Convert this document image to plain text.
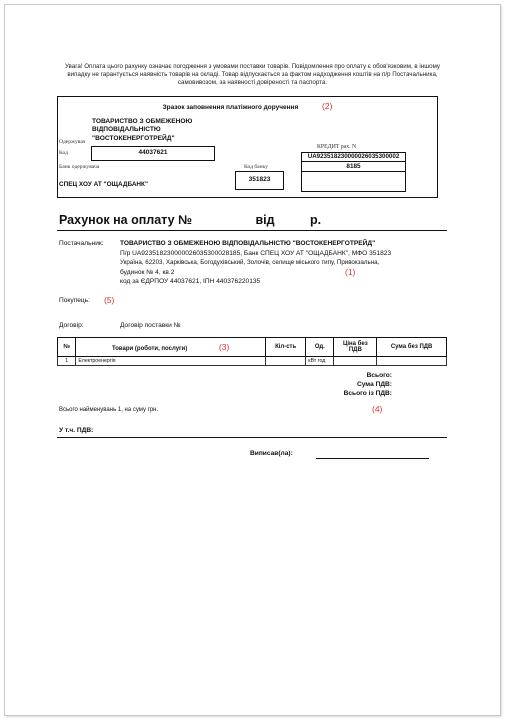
Увага! Оплата цього рахунку означає погодження з умовами поставки товарів. Повідомлення про оплату є обов'язковим, в іншому випадку не гарантується наявність товарів на складі. Товар відпускається за фактом надходження коштів на п/р Постачальника, самовивозом, за наявності довіреності та паспорта.
Зразок заповнення платіжного доручення	(2)
ТОВАРИСТВО З ОБМЕЖЕНОЮ ВІДПОВІДАЛЬНІСТЮ "ВОСТОКЕНЕРГОТРЕЙД"
Одержувач
Код	44037621
Банк одержувача
СПЕЦ ХОУ АТ "ОЩАДБАНК"
Код банку
351823
КРЕДИТ рах. N
UA923518230000026035300002
8185
Рахунок на оплату №	від	р.
Постачальник: ТОВАРИСТВО З ОБМЕЖЕНОЮ ВІДПОВІДАЛЬНІСТЮ "ВОСТОКЕНЕРГОТРЕЙД"
П/р UA923518230000026035300028185, Банк СПЕЦ ХОУ АТ "ОЩАДБАНК", МФО 351823
Україна, 62203, Харківська, Богодухівський, Золочів, селище міського типу, Привокзальна,
будинок № 4, кв.2
код за ЄДРПОУ 44037621, ІПН 440376220135
(1)
Покупець: (5)
Договір:	Договір поставки №
№	Товари (роботи, послуги) (3)	Кіл-сть	Од.	Ціна без ПДВ	Сума без ПДВ
1	Електроенергія		кВт год		
Всього:
Сума ПДВ:
Всього із ПДВ:
(4)
Всього найменувань 1, на суму грн.
У т.ч. ПДВ:
Виписав(ла):
